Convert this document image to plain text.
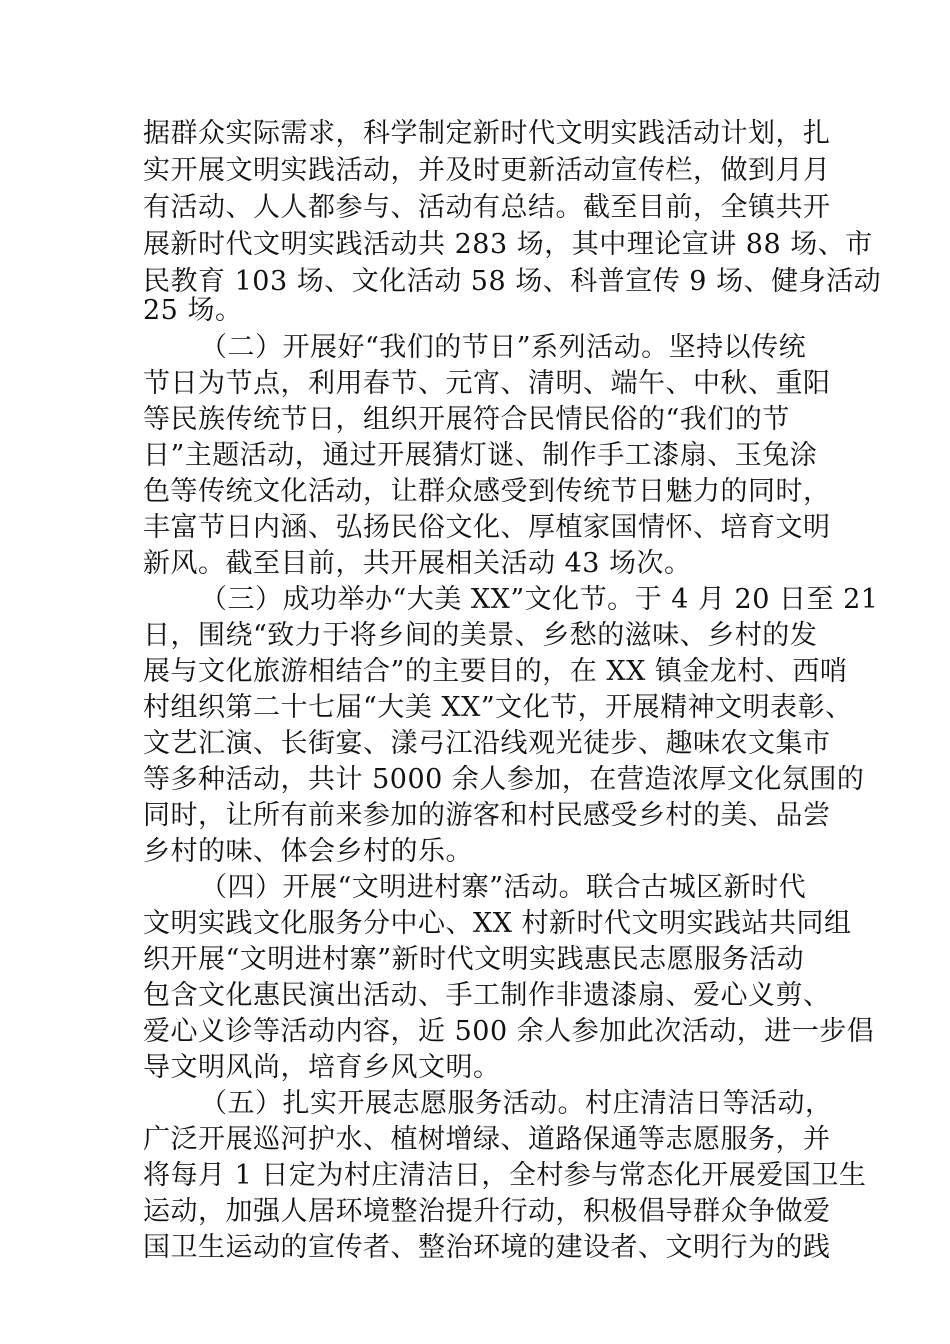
据群众实际需求，科学制定新时代文明实践活动计划，扎
实开展文明实践活动，并及时更新活动宣传栏，做到月月
有活动、人人都参与、活动有总结。截至目前，全镇共开
展新时代文明实践活动共 283 场，其中理论宣讲 88 场、市
民教育 103 场、文化活动 58 场、科普宣传 9 场、健身活动
25 场。
（二）开展好“我们的节日”系列活动。坚持以传统
节日为节点，利用春节、元宵、清明、端午、中秋、重阳
等民族传统节日，组织开展符合民情民俗的“我们的节
日”主题活动，通过开展猜灯谜、制作手工漆扇、玉兔涂
色等传统文化活动，让群众感受到传统节日魅力的同时，
丰富节日内涵、弘扬民俗文化、厚植家国情怀、培育文明
新风。截至目前，共开展相关活动 43 场次。
（三）成功举办“大美 XX”文化节。于 4 月 20 日至 21
日，围绕“致力于将乡间的美景、乡愁的滋味、乡村的发
展与文化旅游相结合”的主要目的，在 XX 镇金龙村、西哨
村组织第二十七届“大美 XX”文化节，开展精神文明表彰、
文艺汇演、长街宴、漾弓江沿线观光徒步、趣味农文集市
等多种活动，共计 5000 余人参加，在营造浓厚文化氛围的
同时，让所有前来参加的游客和村民感受乡村的美、品尝
乡村的味、体会乡村的乐。
（四）开展“文明进村寨”活动。联合古城区新时代
文明实践文化服务分中心、XX 村新时代文明实践站共同组
织开展“文明进村寨”新时代文明实践惠民志愿服务活动
包含文化惠民演出活动、手工制作非遗漆扇、爱心义剪、
爱心义诊等活动内容，近 500 余人参加此次活动，进一步倡
导文明风尚，培育乡风文明。
（五）扎实开展志愿服务活动。村庄清洁日等活动，
广泛开展巡河护水、植树增绿、道路保通等志愿服务，并
将每月 1 日定为村庄清洁日，全村参与常态化开展爱国卫生
运动，加强人居环境整治提升行动，积极倡导群众争做爱
国卫生运动的宣传者、整治环境的建设者、文明行为的践
